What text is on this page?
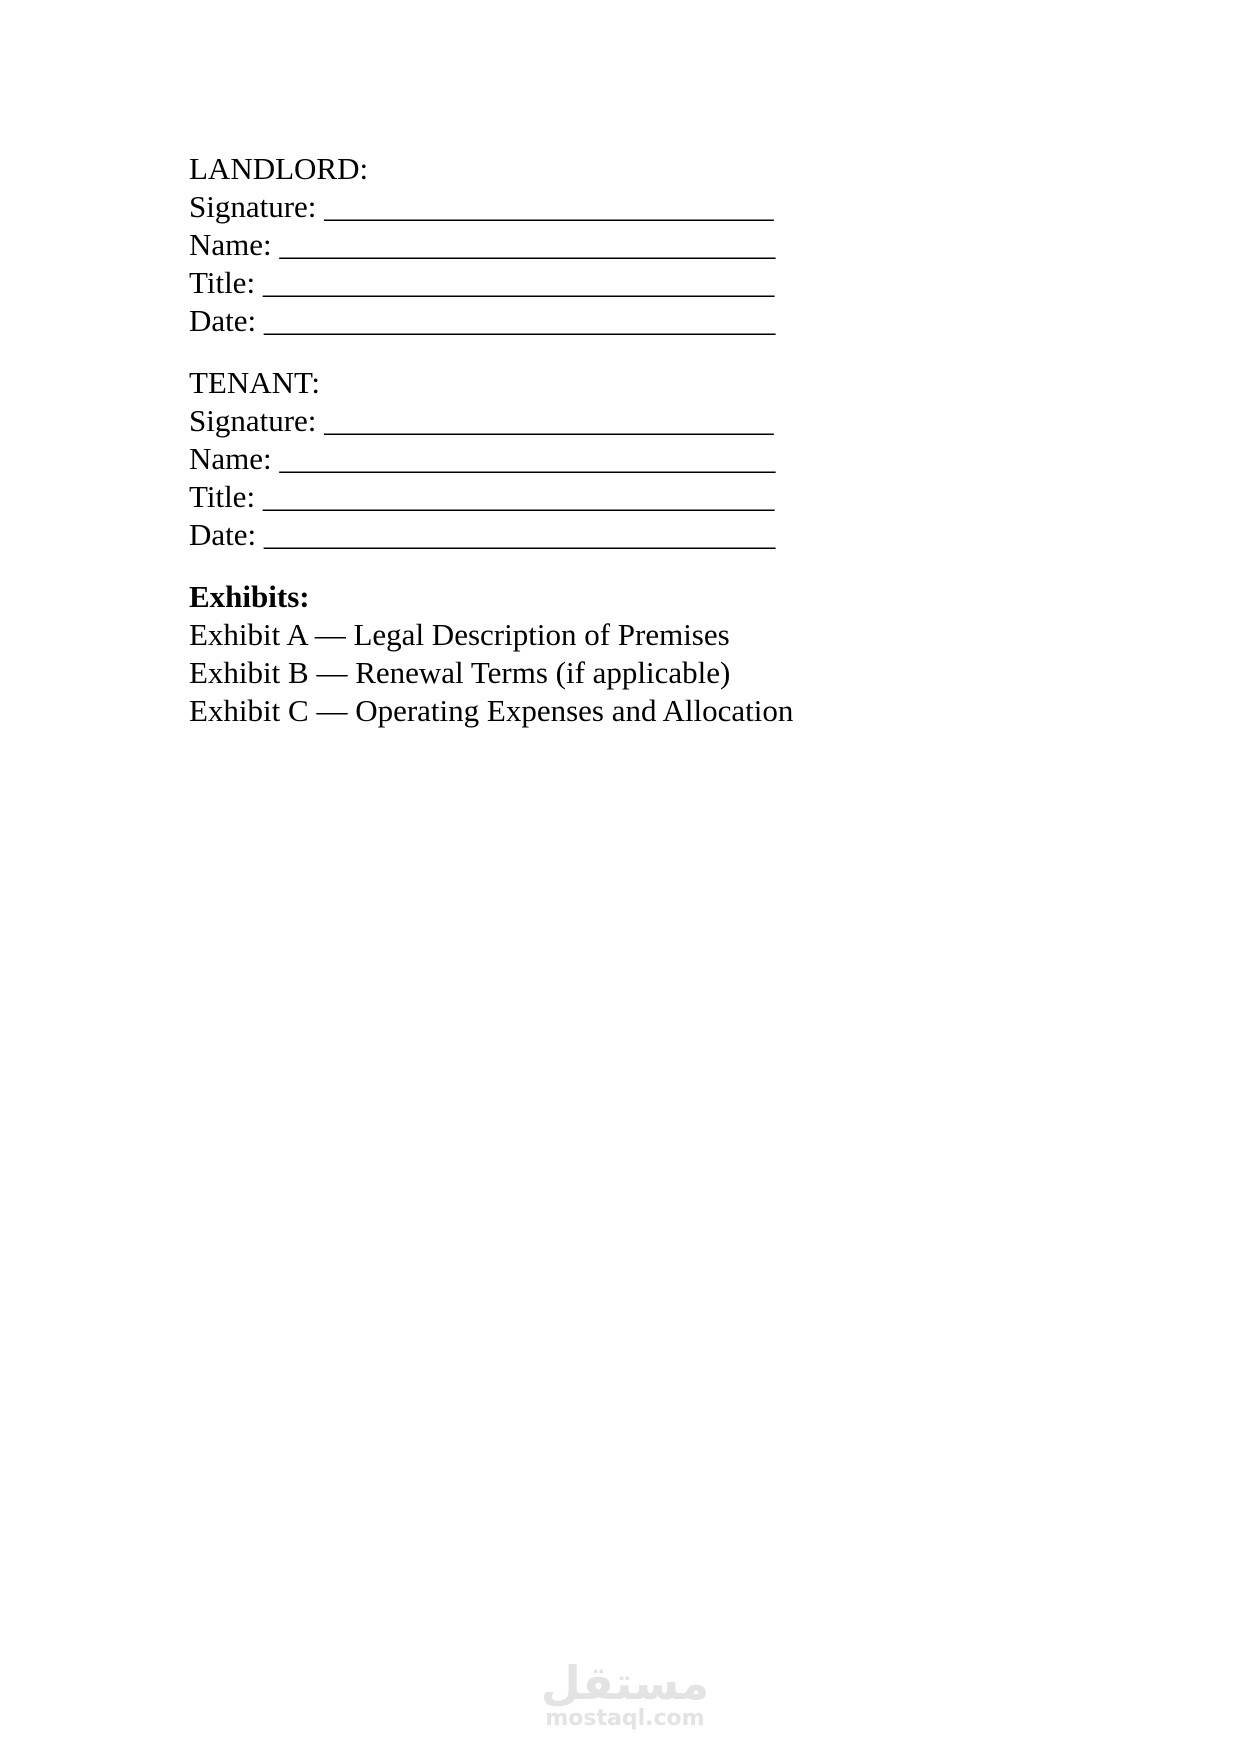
LANDLORD:
Signature: _____________________________
Name: ________________________________
Title: _________________________________
Date: _________________________________
TENANT:
Signature: _____________________________
Name: ________________________________
Title: _________________________________
Date: _________________________________
Exhibits:
Exhibit A — Legal Description of Premises
Exhibit B — Renewal Terms (if applicable)
Exhibit C — Operating Expenses and Allocation
مستقل
mostaql.com
